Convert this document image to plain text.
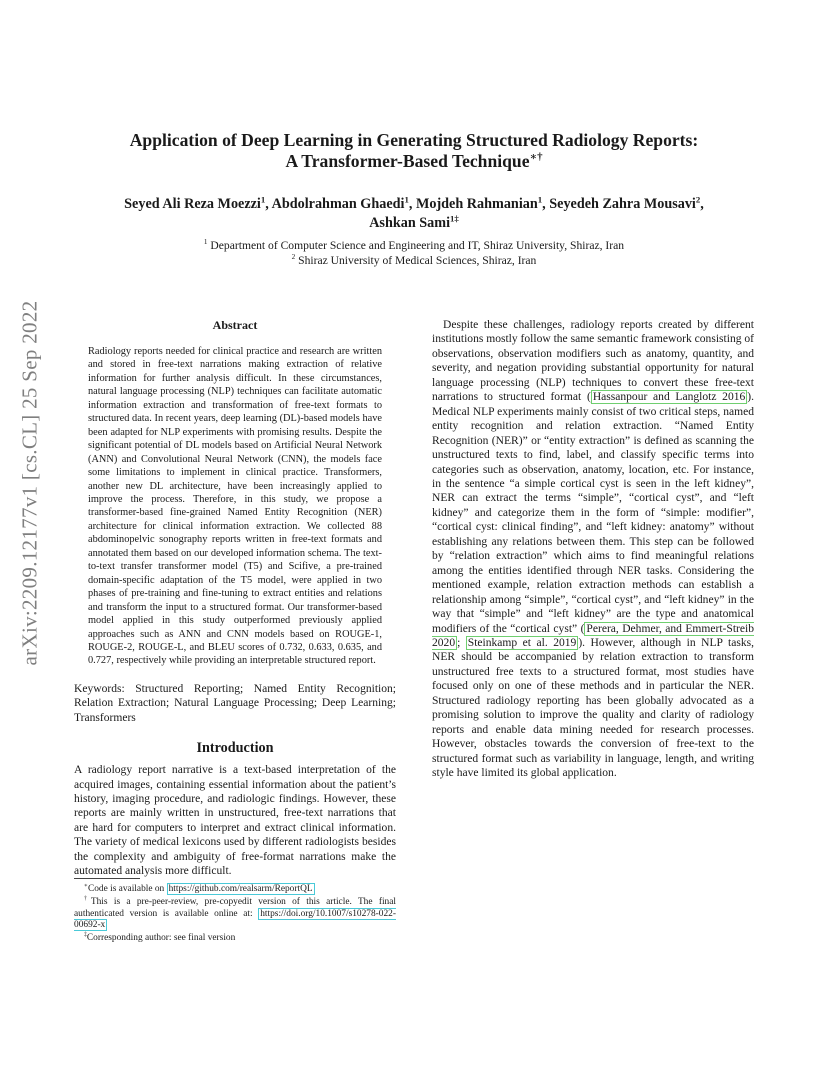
arXiv:2209.12177v1 [cs.CL] 25 Sep 2022
Application of Deep Learning in Generating Structured Radiology Reports:
A Transformer-Based Technique∗†
Seyed Ali Reza Moezzi$^1$, Abdolrahman Ghaedi$^1$, Mojdeh Rahmanian$^1$, Seyedeh Zahra Mousavi$^2$,
Ashkan Sami$^{1\ddagger}$
$^1$ Department of Computer Science and Engineering and IT, Shiraz University, Shiraz, Iran
$^2$ Shiraz University of Medical Sciences, Shiraz, Iran
Abstract

Radiology reports needed for clinical practice and research are written and stored in free-text narrations making extraction of relative information for further analysis difficult. In these circumstances, natural language processing (NLP) techniques can facilitate automatic information extraction and transformation of free-text formats to structured data. In recent years, deep learning (DL)-based models have been adapted for NLP experiments with promising results. Despite the significant potential of DL models based on Artificial Neural Network (ANN) and Convolutional Neural Network (CNN), the models face some limitations to implement in clinical practice. Transformers, another new DL architecture, have been increasingly applied to improve the process. Therefore, in this study, we propose a transformer-based fine-grained Named Entity Recognition (NER) architecture for clinical information extraction. We collected 88 abdominopelvic sonography reports written in free-text formats and annotated them based on our developed information schema. The text-to-text transfer transformer model (T5) and Scifive, a pre-trained domain-specific adaptation of the T5 model, were applied in two phases of pre-training and fine-tuning to extract entities and relations and transform the input to a structured format. Our transformer-based model applied in this study outperformed previously applied approaches such as ANN and CNN models based on ROUGE-1, ROUGE-2, ROUGE-L, and BLEU scores of 0.732, 0.633, 0.635, and 0.727, respectively while providing an interpretable structured report.

Keywords: Structured Reporting; Named Entity Recognition; Relation Extraction; Natural Language Processing; Deep Learning; Transformers

Introduction

A radiology report narrative is a text-based interpretation of the acquired images, containing essential information about the patient’s history, imaging procedure, and radiologic findings. However, these reports are mainly written in unstructured, free-text narrations that are hard for computers to interpret and extract clinical information. The variety of medical lexicons used by different radiologists besides the complexity and ambiguity of free-format narrations make the automated analysis more difficult.

Despite these challenges, radiology reports created by different institutions mostly follow the same semantic framework consisting of observations, observation modifiers such as anatomy, quantity, and severity, and negation providing substantial opportunity for natural language processing (NLP) techniques to convert these free-text narrations to structured format ( Hassanpour and Langlotz 2016 ). Medical NLP experiments mainly consist of two critical steps, named entity recognition and relation extraction. “Named Entity Recognition (NER)” or “entity extraction” is defined as scanning the unstructured texts to find, label, and classify specific terms into categories such as observation, anatomy, location, etc. For instance, in the sentence “a simple cortical cyst is seen in the left kidney”, NER can extract the terms “simple”, “cortical cyst”, and “left kidney” and categorize them in the form of “simple: modifier”, “cortical cyst: clinical finding”, and “left kidney: anatomy” without establishing any relations between them. This step can be followed by “relation extraction” which aims to find meaningful relations among the entities identified through NER tasks. Considering the mentioned example, relation extraction methods can establish a relationship among “simple”, “cortical cyst”, and “left kidney” in the way that “simple” and “left kidney” are the type and anatomical modifiers of the “cortical cyst” ( Perera, Dehmer, and Emmert-Streib 2020 ; Steinkamp et al. 2019 ). However, although in NLP tasks, NER should be accompanied by relation extraction to transform unstructured free texts to a structured format, most studies have focused only on one of these methods and in particular the NER. Structured radiology reporting has been globally advocated as a promising solution to improve the quality and clarity of radiology reports and enable data mining needed for research processes. However, obstacles towards the conversion of free-text to the structured format such as variability in language, length, and writing style have limited its global application.

∗Code is available on https://github.com/realsarm/ReportQL

†This is a pre-peer-review, pre-copyedit version of this article. The final authenticated version is available online at: https://doi.org/10.1007/s10278-022-00692-x

‡Corresponding author: see final version
